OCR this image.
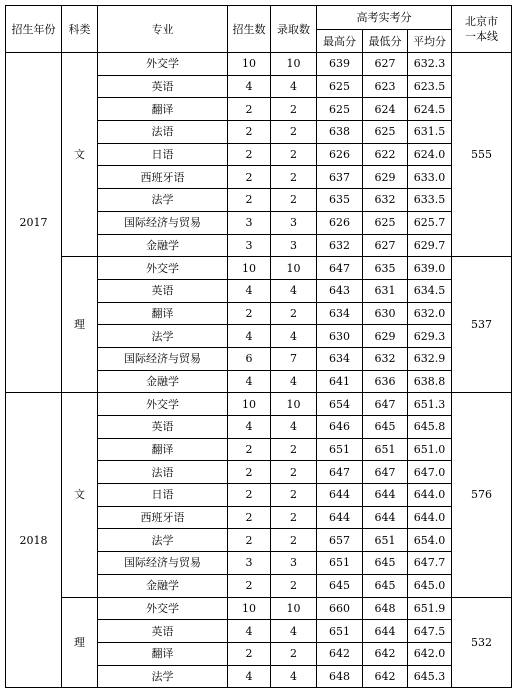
招生年份	科类	专业	招生数	录取数	高考实考分			北京市
一本线

					最高分	最低分	平均分	
2017	文	外交学	10	10	639	627	632.3	555
		英语	4	4	625	623	623.5	
		翻译	2	2	625	624	624.5	
		法语	2	2	638	625	631.5	
		日语	2	2	626	622	624.0	
		西班牙语	2	2	637	629	633.0	
		法学	2	2	635	632	633.5	
		国际经济与贸易	3	3	626	625	625.7	
		金融学	3	3	632	627	629.7	
	理	外交学	10	10	647	635	639.0	537
		英语	4	4	643	631	634.5	
		翻译	2	2	634	630	632.0	
		法学	4	4	630	629	629.3	
		国际经济与贸易	6	7	634	632	632.9	
		金融学	4	4	641	636	638.8	
2018	文	外交学	10	10	654	647	651.3	576
		英语	4	4	646	645	645.8	
		翻译	2	2	651	651	651.0	
		法语	2	2	647	647	647.0	
		日语	2	2	644	644	644.0	
		西班牙语	2	2	644	644	644.0	
		法学	2	2	657	651	654.0	
		国际经济与贸易	3	3	651	645	647.7	
		金融学	2	2	645	645	645.0	
	理	外交学	10	10	660	648	651.9	532
		英语	4	4	651	644	647.5	
		翻译	2	2	642	642	642.0	
		法学	4	4	648	642	645.3	
